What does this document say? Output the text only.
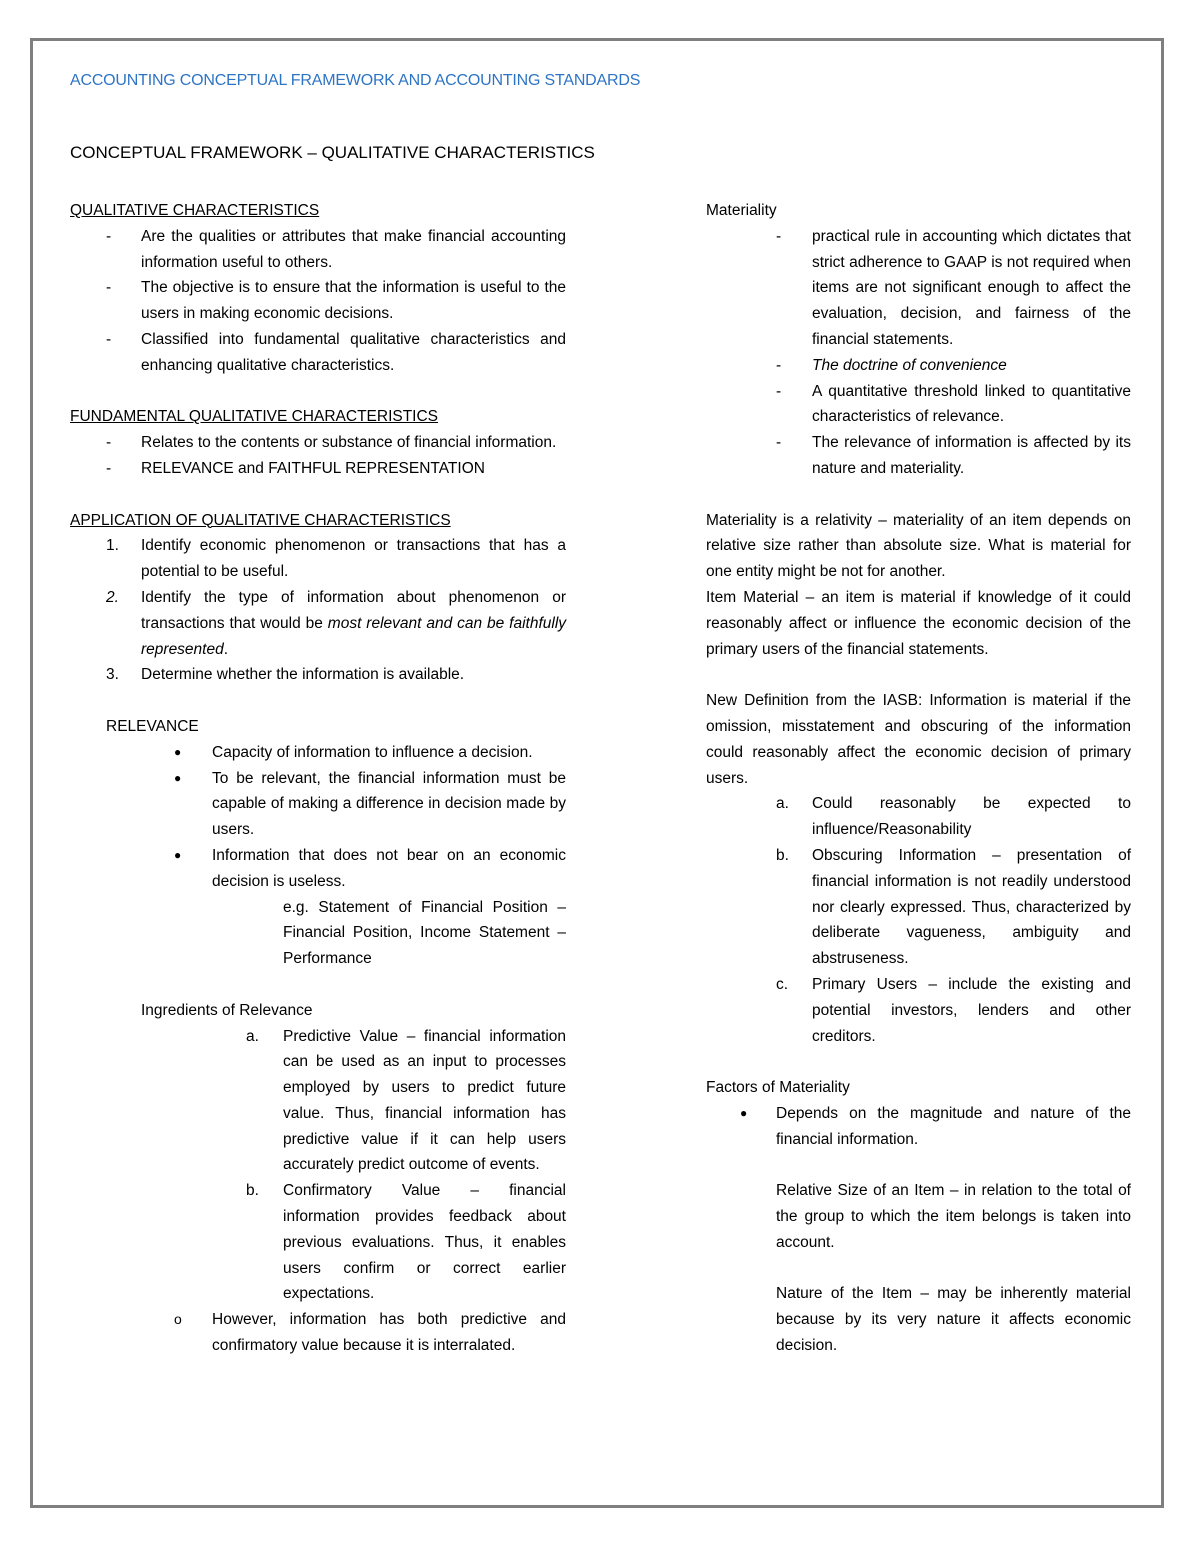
ACCOUNTING CONCEPTUAL FRAMEWORK AND ACCOUNTING STANDARDS
CONCEPTUAL FRAMEWORK – QUALITATIVE CHARACTERISTICS
QUALITATIVE CHARACTERISTICS
- Are the qualities or attributes that make financial accounting information useful to others.
- The objective is to ensure that the information is useful to the users in making economic decisions.
- Classified into fundamental qualitative characteristics and enhancing qualitative characteristics.
FUNDAMENTAL QUALITATIVE CHARACTERISTICS
- Relates to the contents or substance of financial information.
- RELEVANCE and FAITHFUL REPRESENTATION
APPLICATION OF QUALITATIVE CHARACTERISTICS
1. Identify economic phenomenon or transactions that has a potential to be useful.
2. Identify the type of information about phenomenon or transactions that would be most relevant and can be faithfully represented.
3. Determine whether the information is available.
RELEVANCE
● Capacity of information to influence a decision.
● To be relevant, the financial information must be capable of making a difference in decision made by users.
● Information that does not bear on an economic decision is useless.
e.g. Statement of Financial Position – Financial Position, Income Statement – Performance
Ingredients of Relevance
a. Predictive Value – financial information can be used as an input to processes employed by users to predict future value. Thus, financial information has predictive value if it can help users accurately predict outcome of events.
b. Confirmatory Value – financial information provides feedback about previous evaluations. Thus, it enables users confirm or correct earlier expectations.
o However, information has both predictive and confirmatory value because it is interralated.
Materiality
- practical rule in accounting which dictates that strict adherence to GAAP is not required when items are not significant enough to affect the evaluation, decision, and fairness of the financial statements.
- The doctrine of convenience
- A quantitative threshold linked to quantitative characteristics of relevance.
- The relevance of information is affected by its nature and materiality.
Materiality is a relativity – materiality of an item depends on relative size rather than absolute size. What is material for one entity might be not for another.
Item Material – an item is material if knowledge of it could reasonably affect or influence the economic decision of the primary users of the financial statements.
New Definition from the IASB: Information is material if the omission, misstatement and obscuring of the information could reasonably affect the economic decision of primary users.
a. Could reasonably be expected to influence/Reasonability
b. Obscuring Information – presentation of financial information is not readily understood nor clearly expressed. Thus, characterized by deliberate vagueness, ambiguity and abstruseness.
c. Primary Users – include the existing and potential investors, lenders and other creditors.
Factors of Materiality
● Depends on the magnitude and nature of the financial information.
Relative Size of an Item – in relation to the total of the group to which the item belongs is taken into account.
Nature of the Item – may be inherently material because by its very nature it affects economic decision.
